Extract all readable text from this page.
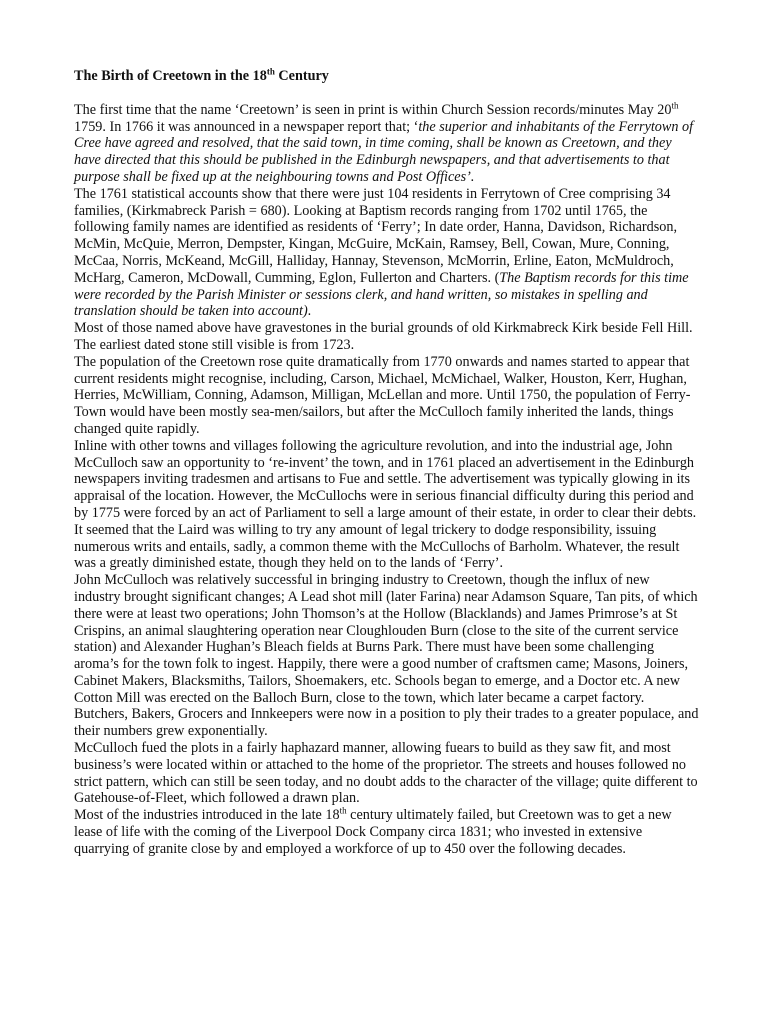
The Birth of Creetown in the 18th Century

The first time that the name ‘Creetown’ is seen in print is within Church Session records/minutes May 20th 1759. In 1766 it was announced in a newspaper report that; ‘the superior and inhabitants of the Ferrytown of Cree have agreed and resolved, that the said town, in time coming, shall be known as Creetown, and they have directed that this should be published in the Edinburgh newspapers, and that advertisements to that purpose shall be fixed up at the neighbouring towns and Post Offices’.

The 1761 statistical accounts show that there were just 104 residents in Ferrytown of Cree comprising 34 families, (Kirkmabreck Parish = 680). Looking at Baptism records ranging from 1702 until 1765, the following family names are identified as residents of ‘Ferry’; In date order, Hanna, Davidson, Richardson, McMin, McQuie, Merron, Dempster, Kingan, McGuire, McKain, Ramsey, Bell, Cowan, Mure, Conning, McCaa, Norris, McKeand, McGill, Halliday, Hannay, Stevenson, McMorrin, Erline, Eaton, McMuldroch, McHarg, Cameron, McDowall, Cumming, Eglon, Fullerton and Charters. (The Baptism records for this time were recorded by the Parish Minister or sessions clerk, and hand written, so mistakes in spelling and translation should be taken into account).

Most of those named above have gravestones in the burial grounds of old Kirkmabreck Kirk beside Fell Hill. The earliest dated stone still visible is from 1723.

The population of the Creetown rose quite dramatically from 1770 onwards and names started to appear that current residents might recognise, including, Carson, Michael, McMichael, Walker, Houston, Kerr, Hughan, Herries, McWilliam, Conning, Adamson, Milligan, McLellan and more. Until 1750, the population of Ferry-Town would have been mostly sea-men/sailors, but after the McCulloch family inherited the lands, things changed quite rapidly.

Inline with other towns and villages following the agriculture revolution, and into the industrial age, John McCulloch saw an opportunity to ‘re-invent’ the town, and in 1761 placed an advertisement in the Edinburgh newspapers inviting tradesmen and artisans to Fue and settle. The advertisement was typically glowing in its appraisal of the location. However, the McCullochs were in serious financial difficulty during this period and by 1775 were forced by an act of Parliament to sell a large amount of their estate, in order to clear their debts. It seemed that the Laird was willing to try any amount of legal trickery to dodge responsibility, issuing numerous writs and entails, sadly, a common theme with the McCullochs of Barholm. Whatever, the result was a greatly diminished estate, though they held on to the lands of ‘Ferry’.

John McCulloch was relatively successful in bringing industry to Creetown, though the influx of new industry brought significant changes; A Lead shot mill (later Farina) near Adamson Square, Tan pits, of which there were at least two operations; John Thomson’s at the Hollow (Blacklands) and James Primrose’s at St Crispins, an animal slaughtering operation near Cloughlouden Burn (close to the site of the current service station) and Alexander Hughan’s Bleach fields at Burns Park. There must have been some challenging aroma’s for the town folk to ingest. Happily, there were a good number of craftsmen came; Masons, Joiners, Cabinet Makers, Blacksmiths, Tailors, Shoemakers, etc. Schools began to emerge, and a Doctor etc. A new Cotton Mill was erected on the Balloch Burn, close to the town, which later became a carpet factory.

Butchers, Bakers, Grocers and Innkeepers were now in a position to ply their trades to a greater populace, and their numbers grew exponentially.

McCulloch fued the plots in a fairly haphazard manner, allowing fuears to build as they saw fit, and most business’s were located within or attached to the home of the proprietor. The streets and houses followed no strict pattern, which can still be seen today, and no doubt adds to the character of the village; quite different to Gatehouse-of-Fleet, which followed a drawn plan.

Most of the industries introduced in the late 18th century ultimately failed, but Creetown was to get a new lease of life with the coming of the Liverpool Dock Company circa 1831; who invested in extensive quarrying of granite close by and employed a workforce of up to 450 over the following decades.
